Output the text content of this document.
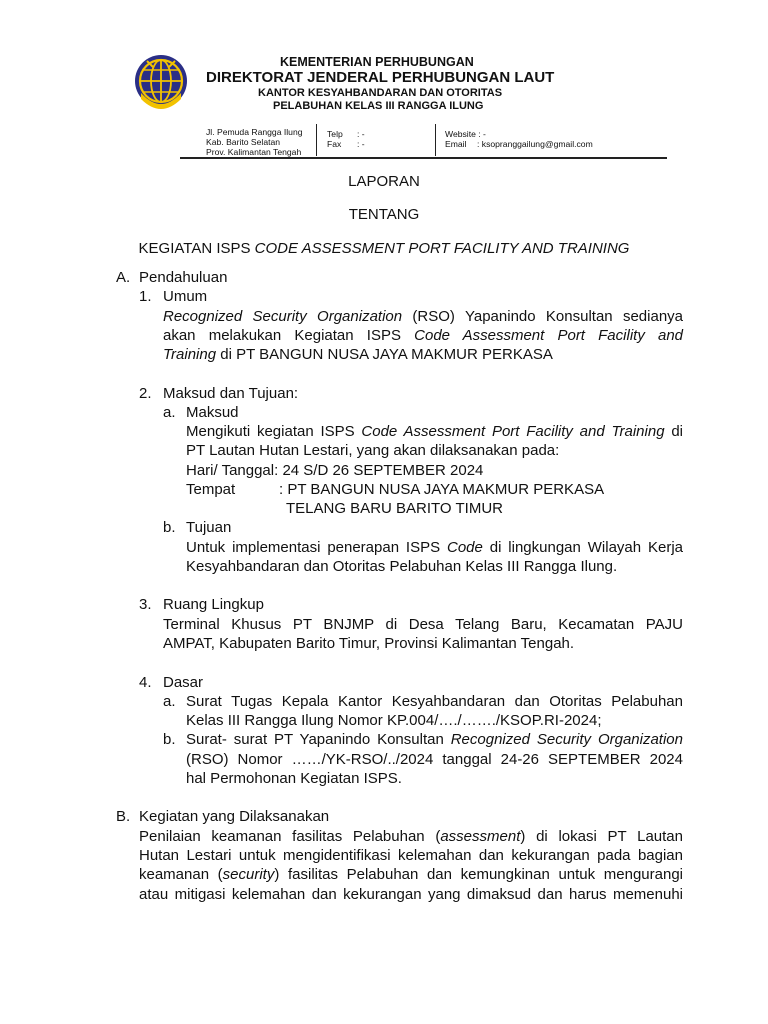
KEMENTERIAN PERHUBUNGAN
DIREKTORAT JENDERAL PERHUBUNGAN LAUT
KANTOR KESYAHBANDARAN DAN OTORITAS
PELABUHAN KELAS III RANGGA ILUNG
Jl. Pemuda Rangga Ilung
Kab. Barito Selatan
Prov. Kalimantan Tengah
Telp : -
Fax : -
Website : -
Email : ksopranggailung@gmail.com
LAPORAN
TENTANG
KEGIATAN ISPS CODE ASSESSMENT PORT FACILITY AND TRAINING
A. Pendahuluan
1. Umum
Recognized Security Organization (RSO) Yapanindo Konsultan sedianya
akan melakukan Kegiatan ISPS Code Assessment Port Facility and
Training di PT BANGUN NUSA JAYA MAKMUR PERKASA
2. Maksud dan Tujuan:
a. Maksud
Mengikuti kegiatan ISPS Code Assessment Port Facility and Training di
PT Lautan Hutan Lestari, yang akan dilaksanakan pada:
Hari/ Tanggal: 24 S/D 26 SEPTEMBER 2024
Tempat	: PT BANGUN NUSA JAYA MAKMUR PERKASA
TELANG BARU BARITO TIMUR
b. Tujuan
Untuk implementasi penerapan ISPS Code di lingkungan Wilayah Kerja
Kesyahbandaran dan Otoritas Pelabuhan Kelas III Rangga Ilung.
3. Ruang Lingkup
Terminal Khusus PT BNJMP di Desa Telang Baru, Kecamatan PAJU
AMPAT, Kabupaten Barito Timur, Provinsi Kalimantan Tengah.
4. Dasar
a. Surat Tugas Kepala Kantor Kesyahbandaran dan Otoritas Pelabuhan
Kelas III Rangga Ilung Nomor KP.004/…./……./KSOP.RI-2024;
b. Surat- surat PT Yapanindo Konsultan Recognized Security Organization
(RSO) Nomor ……/YK-RSO/../2024 tanggal 24-26 SEPTEMBER 2024
hal Permohonan Kegiatan ISPS.
B. Kegiatan yang Dilaksanakan
Penilaian keamanan fasilitas Pelabuhan (assessment) di lokasi PT Lautan
Hutan Lestari untuk mengidentifikasi kelemahan dan kekurangan pada bagian
keamanan (security) fasilitas Pelabuhan dan kemungkinan untuk mengurangi
atau mitigasi kelemahan dan kekurangan yang dimaksud dan harus memenuhi
